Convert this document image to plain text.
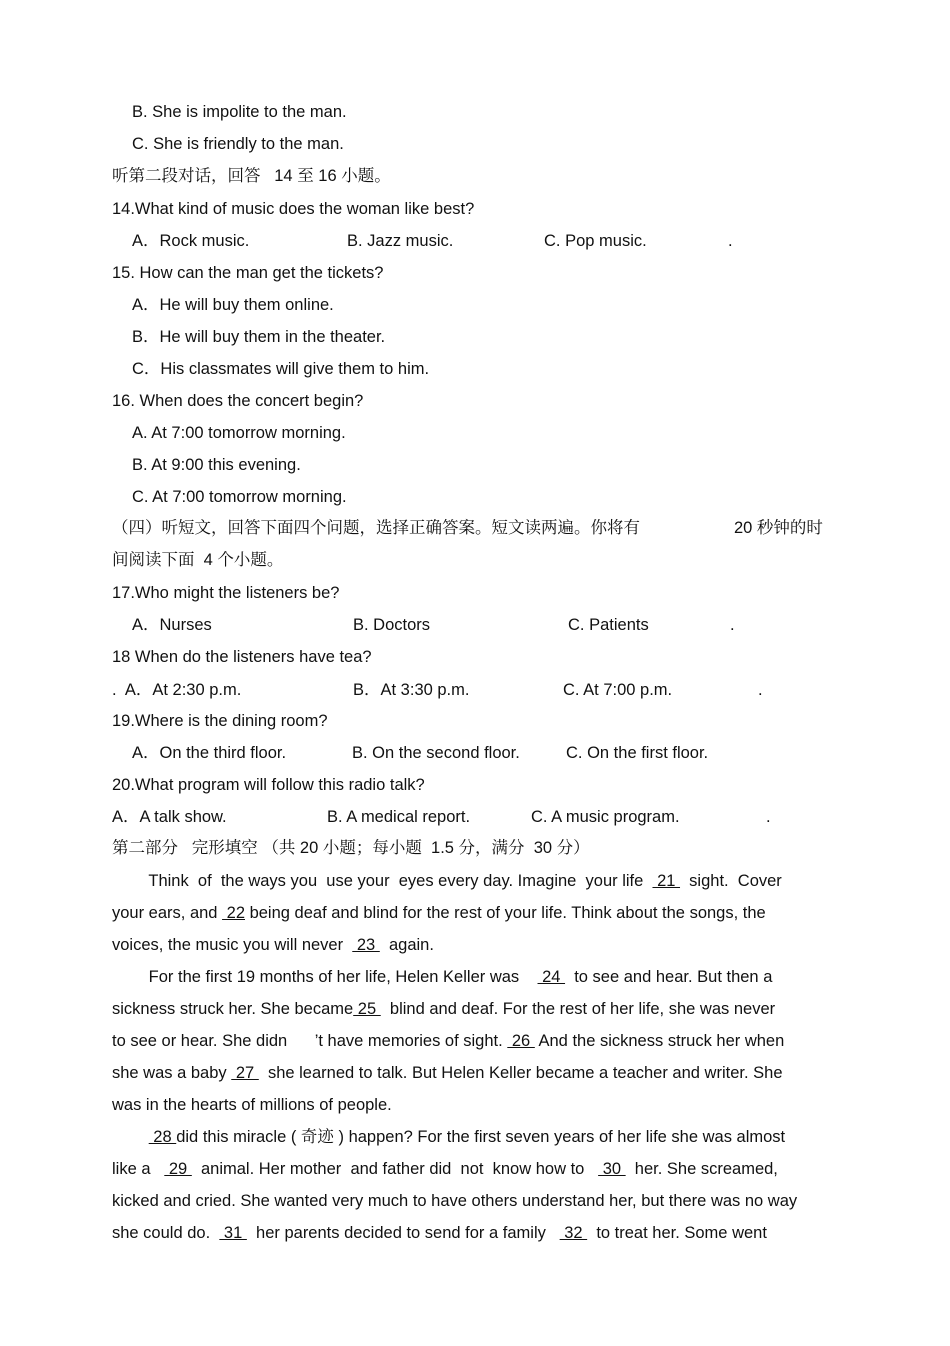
B. She is impolite to the man.
C. She is friendly to the man.
听第二段对话，回答   14 至 16 小题。
14.What kind of music does the woman like best?
A．Rock music.	B. Jazz music.	C. Pop music.	.
15. How can the man get the tickets?
A．He will buy them online.
B．He will buy them in the theater.
C．His classmates will give them to him.
16. When does the concert begin?
A. At 7:00 tomorrow morning.
B. At 9:00 this evening.
C. At 7:00 tomorrow morning.
（四）听短文，回答下面四个问题，选择正确答案。短文读两遍。你将有	20 秒钟的时
间阅读下面  4 个小题。
17.Who might the listeners be?
A．Nurses	B. Doctors	C. Patients	.
18 When do the listeners have tea?
.  A．At 2:30 p.m.	B．At 3:30 p.m.	C. At 7:00 p.m.	.
19.Where is the dining room?
A．On the third floor.	B. On the second floor.	C. On the first floor.
20.What program will follow this radio talk?
A．A talk show.	B. A medical report.	C. A music program.	.
第二部分   完形填空 （共 20 小题；每小题  1.5 分，满分  30 分）
Think  of  the ways you  use your  eyes every day. Imagine  your life   21   sight.  Cover
your ears, and  22 being deaf and blind for the rest of your life. Think about the songs, the
voices, the music you will never   23   again.
For the first 19 months of her life, Helen Keller was     24   to see and hear. But then a
sickness struck her. She became 25   blind and deaf. For the rest of her life, she was never
to see or hear. She didn      ’t have memories of sight.  26  And the sickness struck her when
she was a baby  27   she learned to talk. But Helen Keller became a teacher and writer. She
was in the hearts of millions of people.
28 did this miracle ( 奇迹 ) happen? For the first seven years of her life she was almost
like a    29   animal. Her mother  and father did  not  know how to    30   her. She screamed,
kicked and cried. She wanted very much to have others understand her, but there was no way
she could do.   31   her parents decided to send for a family    32   to treat her. Some went
